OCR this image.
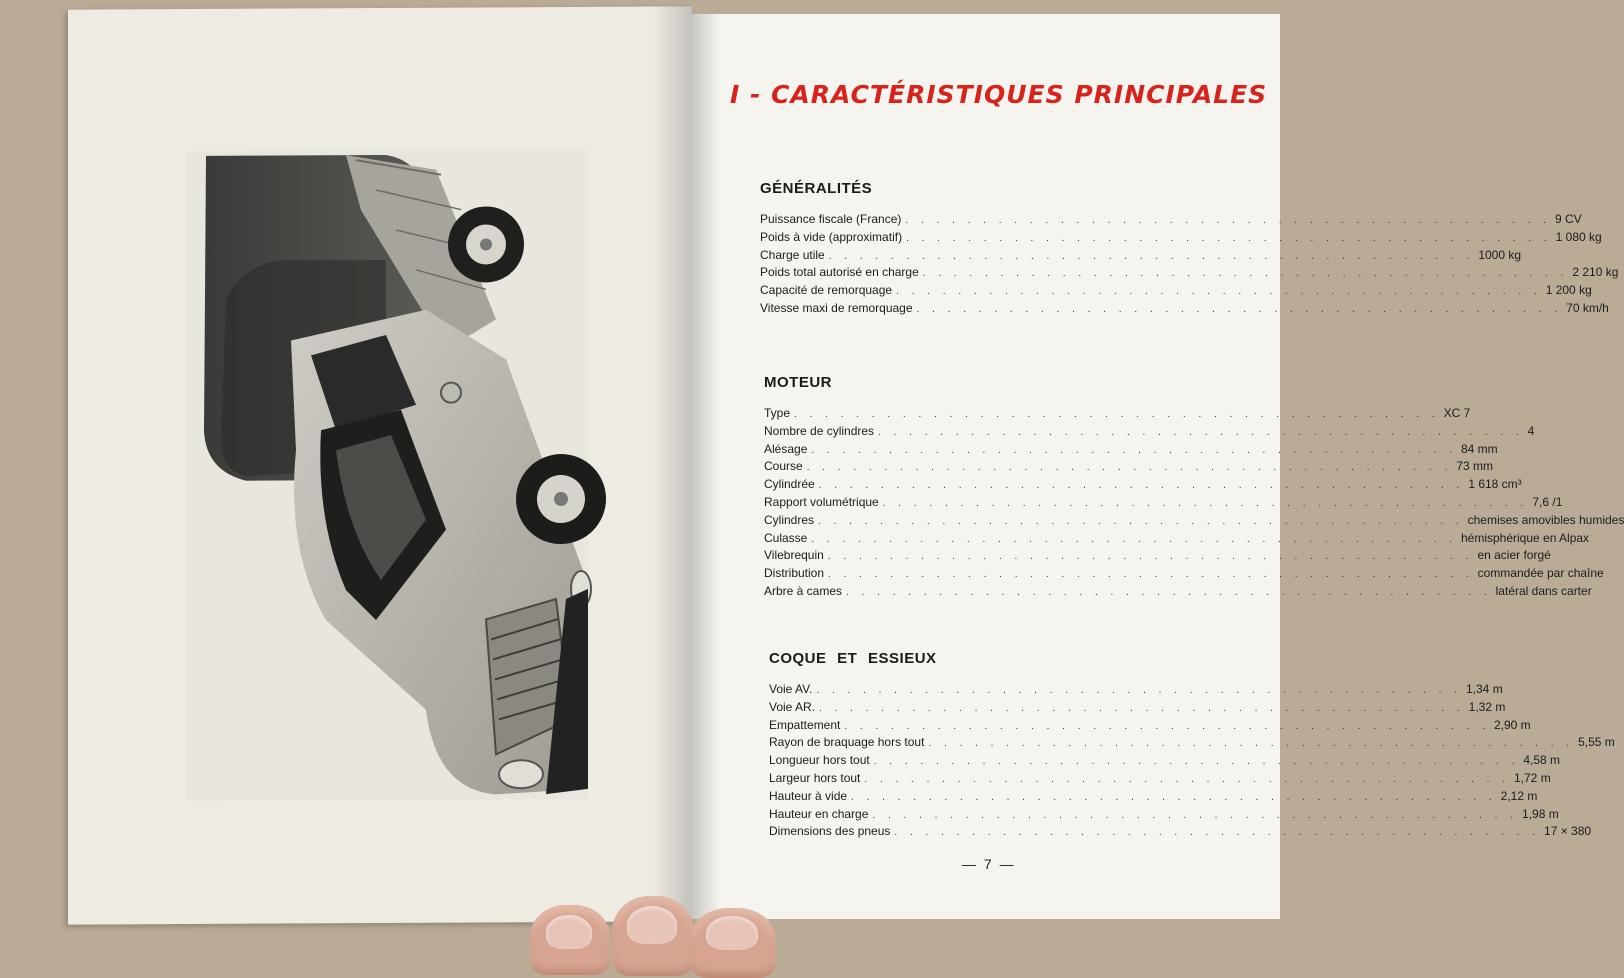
I - CARACTÉRISTIQUES PRINCIPALES
GÉNÉRALITÉS
Puissance fiscale (France) . . . . . . . . . . . . . . . . . . . . . . . . . . . . . . . . . . . . . . . . . . 9 CV
Poids à vide (approximatif) . . . . . . . . . . . . . . . . . . . . . . . . . . . . . . . . . . . . . . . . . . 1 080 kg
Charge utile . . . . . . . . . . . . . . . . . . . . . . . . . . . . . . . . . . . . . . . . . . 1000 kg
Poids total autorisé en charge . . . . . . . . . . . . . . . . . . . . . . . . . . . . . . . . . . . . . . . . . . 2 210 kg
Capacité de remorquage . . . . . . . . . . . . . . . . . . . . . . . . . . . . . . . . . . . . . . . . . . 1 200 kg
Vitesse maxi de remorquage . . . . . . . . . . . . . . . . . . . . . . . . . . . . . . . . . . . . . . . . . . 70 km/h
MOTEUR
Type . . . . . . . . . . . . . . . . . . . . . . . . . . . . . . . . . . . . . . . . . . XC 7
Nombre de cylindres . . . . . . . . . . . . . . . . . . . . . . . . . . . . . . . . . . . . . . . . . . 4
Alésage . . . . . . . . . . . . . . . . . . . . . . . . . . . . . . . . . . . . . . . . . . 84 mm
Course . . . . . . . . . . . . . . . . . . . . . . . . . . . . . . . . . . . . . . . . . . 73 mm
Cylindrée . . . . . . . . . . . . . . . . . . . . . . . . . . . . . . . . . . . . . . . . . . 1 618 cm³
Rapport volumétrique . . . . . . . . . . . . . . . . . . . . . . . . . . . . . . . . . . . . . . . . . . 7,6 /1
Cylindres . . . . . . . . . . . . . . . . . . . . . . . . . . . . . . . . . . . . . . . . . . chemises amovibles humides
Culasse . . . . . . . . . . . . . . . . . . . . . . . . . . . . . . . . . . . . . . . . . . hémisphérique en Alpax
Vilebrequin . . . . . . . . . . . . . . . . . . . . . . . . . . . . . . . . . . . . . . . . . . en acier forgé
Distribution . . . . . . . . . . . . . . . . . . . . . . . . . . . . . . . . . . . . . . . . . . commandée par chaîne
Arbre à cames . . . . . . . . . . . . . . . . . . . . . . . . . . . . . . . . . . . . . . . . . . latéral dans carter
COQUE ET ESSIEUX
Voie AV. . . . . . . . . . . . . . . . . . . . . . . . . . . . . . . . . . . . . . . . . . . 1,34 m
Voie AR. . . . . . . . . . . . . . . . . . . . . . . . . . . . . . . . . . . . . . . . . . . 1,32 m
Empattement . . . . . . . . . . . . . . . . . . . . . . . . . . . . . . . . . . . . . . . . . . 2,90 m
Rayon de braquage hors tout . . . . . . . . . . . . . . . . . . . . . . . . . . . . . . . . . . . . . . . . . . 5,55 m
Longueur hors tout . . . . . . . . . . . . . . . . . . . . . . . . . . . . . . . . . . . . . . . . . . 4,58 m
Largeur hors tout . . . . . . . . . . . . . . . . . . . . . . . . . . . . . . . . . . . . . . . . . . 1,72 m
Hauteur à vide . . . . . . . . . . . . . . . . . . . . . . . . . . . . . . . . . . . . . . . . . . 2,12 m
Hauteur en charge . . . . . . . . . . . . . . . . . . . . . . . . . . . . . . . . . . . . . . . . . . 1,98 m
Dimensions des pneus . . . . . . . . . . . . . . . . . . . . . . . . . . . . . . . . . . . . . . . . . . 17 × 380
— 7 —
